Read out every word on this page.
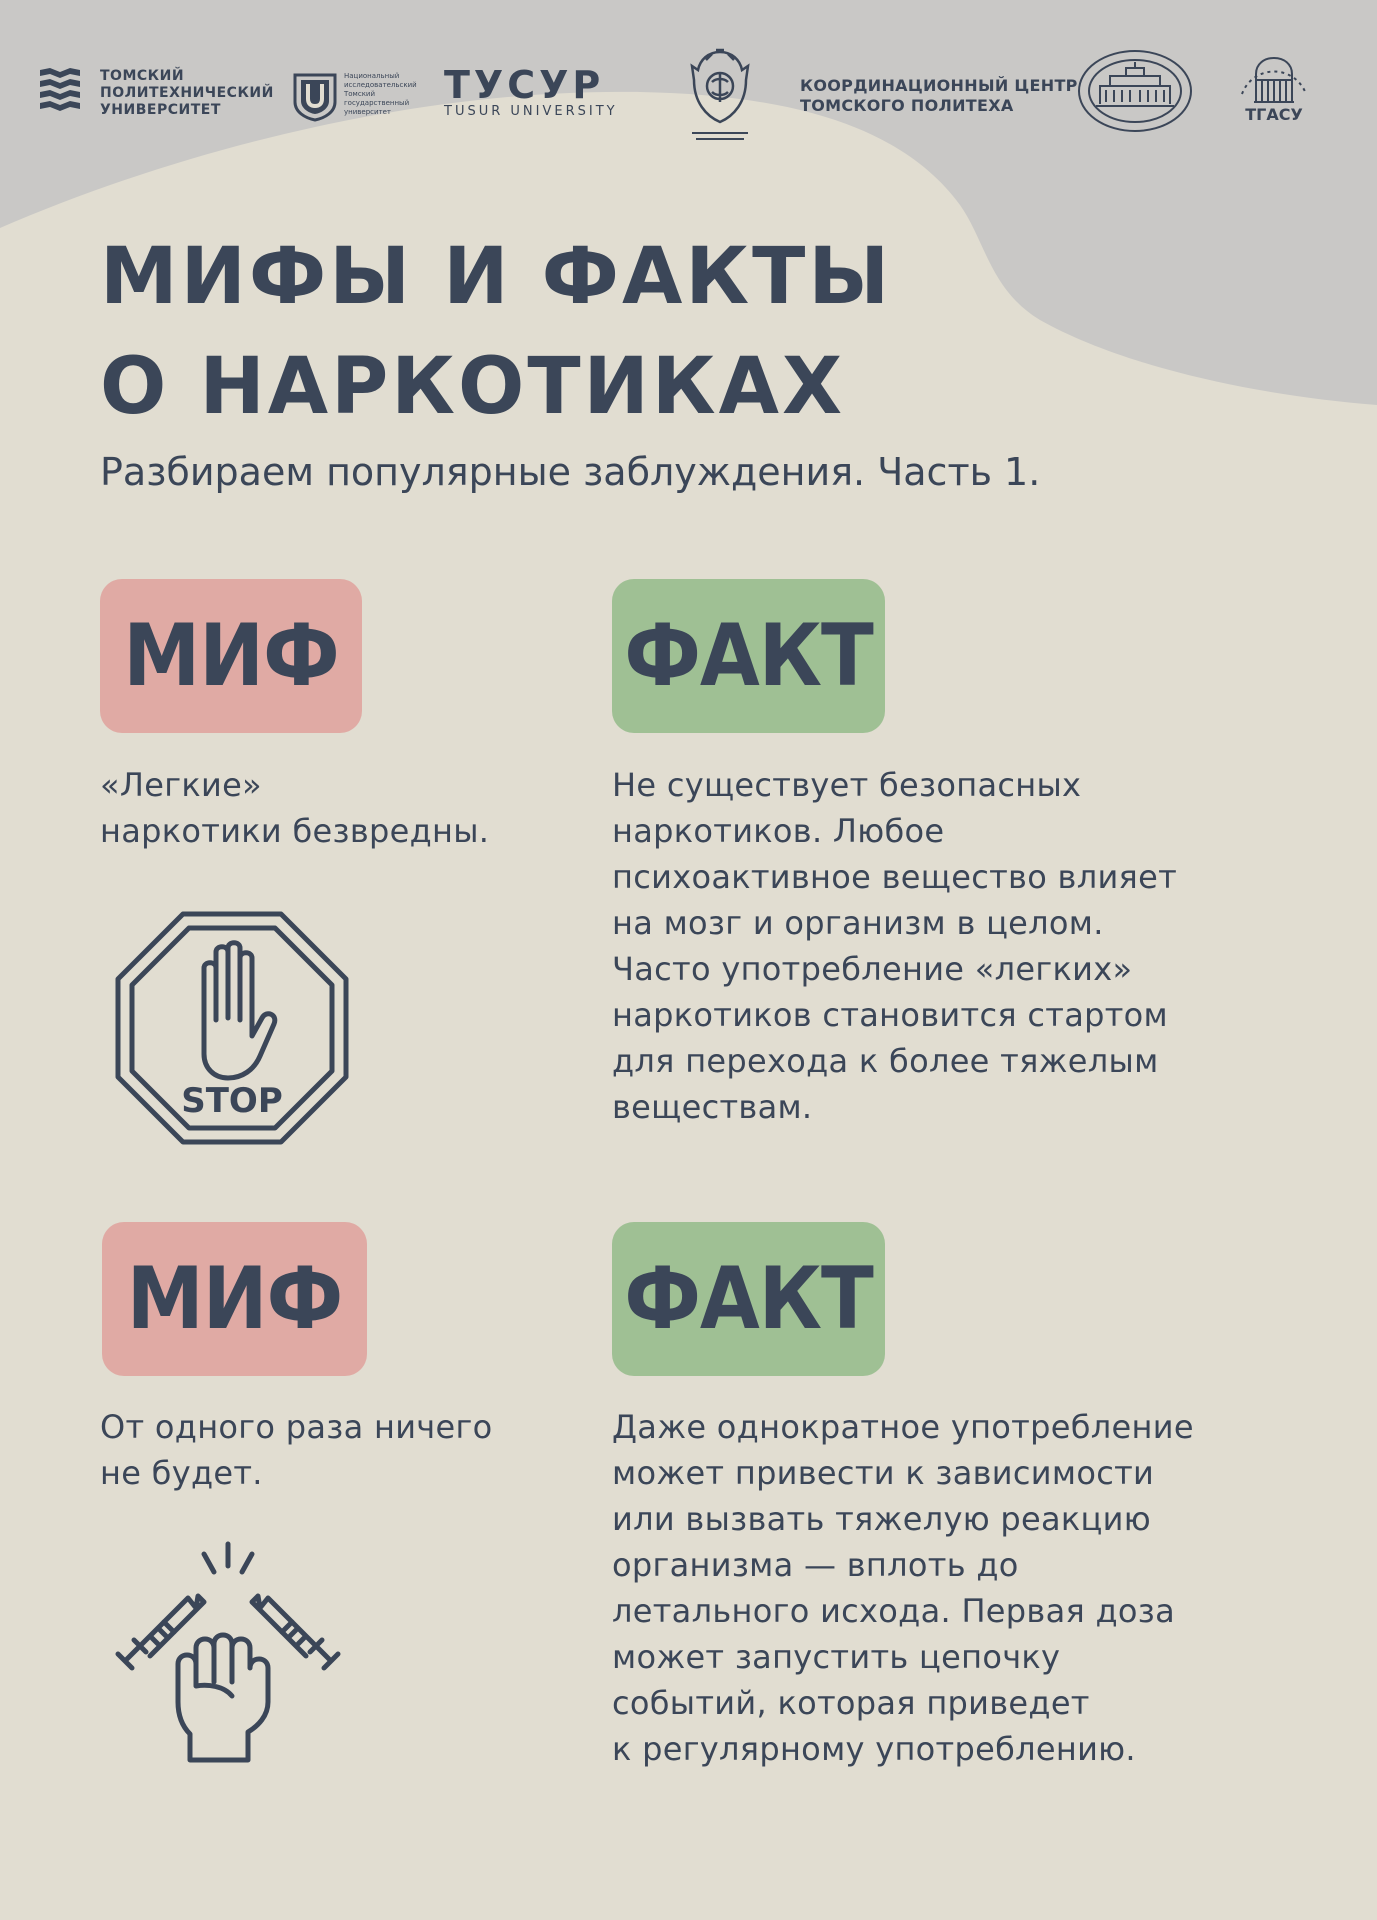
ТОМСКИЙ
ПОЛИТЕХНИЧЕСКИЙ
УНИВЕРСИТЕТ
Национальный
исследовательский
Томский
государственный
университет
ТУСУР
TUSUR UNIVERSITY
КООРДИНАЦИОННЫЙ ЦЕНТР
ТОМСКОГО ПОЛИТЕХА	ТГАСУ
МИФЫ И ФАКТЫ
О НАРКОТИКАХ

Разбираем популярные заблуждения. Часть 1.

МИФ	ФАКТ
«Легкие»
наркотики безвредны.
Не существует безопасных
наркотиков. Любое
психоактивное вещество влияет
на мозг и организм в целом.
Часто употребление «легких»
наркотиков становится стартом
для перехода к более тяжелым
веществам.
STOP
МИФ	ФАКТ
От одного раза ничего
не будет.
Даже однократное употребление
может привести к зависимости
или вызвать тяжелую реакцию
организма — вплоть до
летального исхода. Первая доза
может запустить цепочку
событий, которая приведет
к регулярному употреблению.
